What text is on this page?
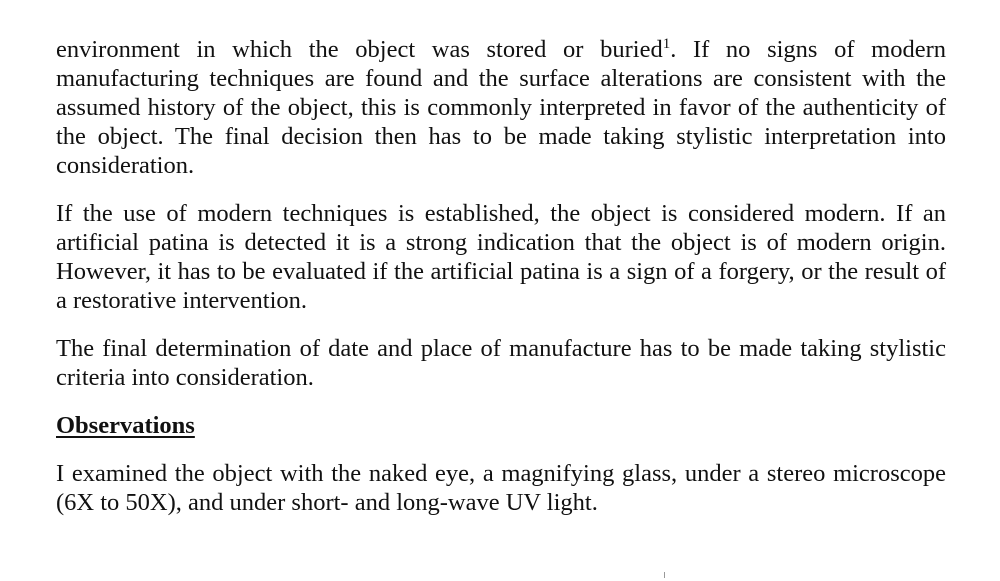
environment in which the object was stored or buried$^1$. If no signs of modern manufacturing techniques are found and the surface alterations are consistent with the assumed history of the object, this is commonly interpreted in favor of the authenticity of the object. The final decision then has to be made taking stylistic interpretation into consideration.

If the use of modern techniques is established, the object is considered modern. If an artificial patina is detected it is a strong indication that the object is of modern origin. However, it has to be evaluated if the artificial patina is a sign of a forgery, or the result of a restorative intervention.

The final determination of date and place of manufacture has to be made taking stylistic criteria into consideration.

Observations

I examined the object with the naked eye, a magnifying glass, under a stereo microscope (6X to 50X), and under short- and long-wave UV light.
